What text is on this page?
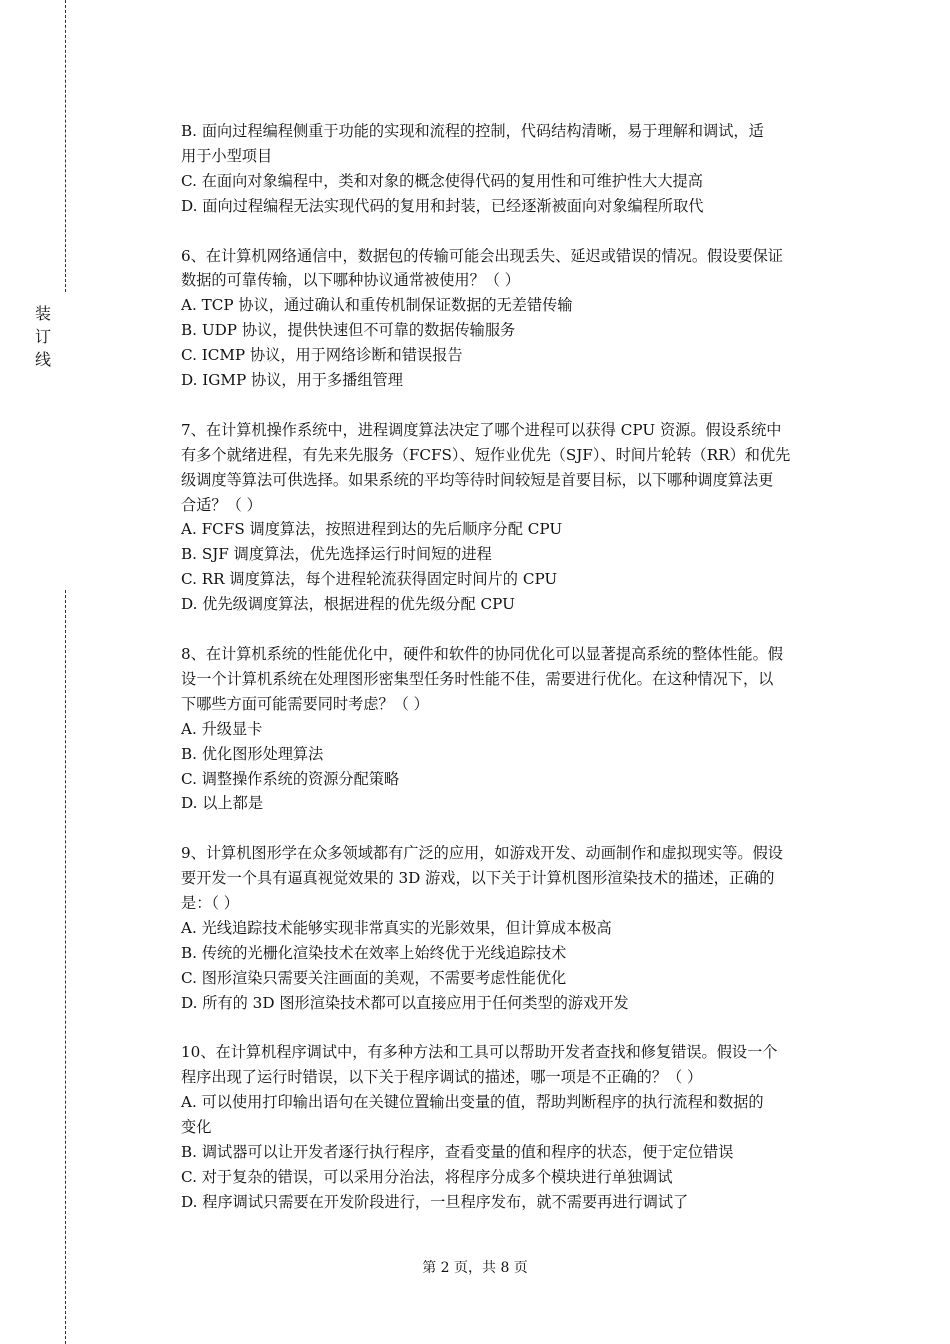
装
订
线
B. 面向过程编程侧重于功能的实现和流程的控制，代码结构清晰，易于理解和调试，适
用于小型项目
C. 在面向对象编程中，类和对象的概念使得代码的复用性和可维护性大大提高
D. 面向过程编程无法实现代码的复用和封装，已经逐渐被面向对象编程所取代
6、在计算机网络通信中，数据包的传输可能会出现丢失、延迟或错误的情况。假设要保证
数据的可靠传输，以下哪种协议通常被使用？（ ）
A. TCP 协议，通过确认和重传机制保证数据的无差错传输
B. UDP 协议，提供快速但不可靠的数据传输服务
C. ICMP 协议，用于网络诊断和错误报告
D. IGMP 协议，用于多播组管理
7、在计算机操作系统中，进程调度算法决定了哪个进程可以获得 CPU 资源。假设系统中
有多个就绪进程，有先来先服务（FCFS）、短作业优先（SJF）、时间片轮转（RR）和优先
级调度等算法可供选择。如果系统的平均等待时间较短是首要目标，以下哪种调度算法更
合适？（ ）
A. FCFS 调度算法，按照进程到达的先后顺序分配 CPU
B. SJF 调度算法，优先选择运行时间短的进程
C. RR 调度算法，每个进程轮流获得固定时间片的 CPU
D. 优先级调度算法，根据进程的优先级分配 CPU
8、在计算机系统的性能优化中，硬件和软件的协同优化可以显著提高系统的整体性能。假
设一个计算机系统在处理图形密集型任务时性能不佳，需要进行优化。在这种情况下，以
下哪些方面可能需要同时考虑？（ ）
A. 升级显卡
B. 优化图形处理算法
C. 调整操作系统的资源分配策略
D. 以上都是
9、计算机图形学在众多领域都有广泛的应用，如游戏开发、动画制作和虚拟现实等。假设
要开发一个具有逼真视觉效果的 3D 游戏，以下关于计算机图形渲染技术的描述，正确的
是：（ ）
A. 光线追踪技术能够实现非常真实的光影效果，但计算成本极高
B. 传统的光栅化渲染技术在效率上始终优于光线追踪技术
C. 图形渲染只需要关注画面的美观，不需要考虑性能优化
D. 所有的 3D 图形渲染技术都可以直接应用于任何类型的游戏开发
10、在计算机程序调试中，有多种方法和工具可以帮助开发者查找和修复错误。假设一个
程序出现了运行时错误，以下关于程序调试的描述，哪一项是不正确的？（ ）
A. 可以使用打印输出语句在关键位置输出变量的值，帮助判断程序的执行流程和数据的
变化
B. 调试器可以让开发者逐行执行程序，查看变量的值和程序的状态，便于定位错误
C. 对于复杂的错误，可以采用分治法，将程序分成多个模块进行单独调试
D. 程序调试只需要在开发阶段进行，一旦程序发布，就不需要再进行调试了
第 2 页，共 8 页
